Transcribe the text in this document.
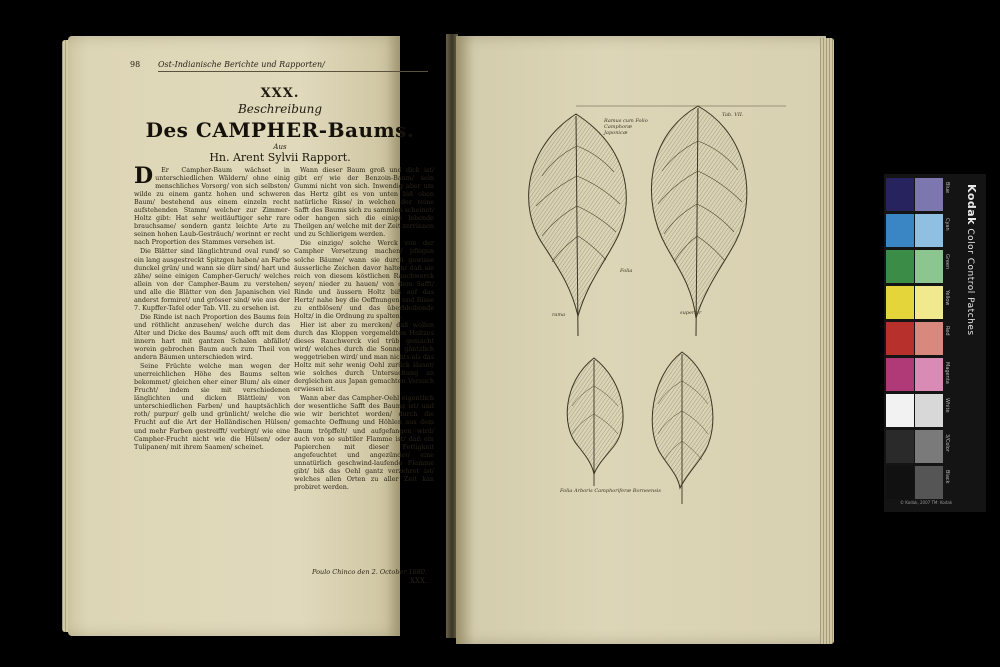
98 Ost-Indianische Berichte und Rapporten/
XXX.
Beschreibung
Des CAMPHER-Baums.
Aus
Hn. Arent Sylvii Rapport.
D	Er Campher-Baum wächset in unterschiedlichen Wäldern/ ohne einig menschliches Vorsorg/ von sich selbsten/ wilde zu einem gantz hohen und schweren Baum/ bestehend aus einem einzeln recht aufstehenden Stamm/ welcher zur Zimmer-Holtz gibt: Hat sehr weitläuftiger sehr rare brauchsame/ sondern gantz leichte Arte zu seinen hohen Laub-Gesträuch/ worinnt er recht nach Proportion des Stammes versehen ist.

Die Blätter sind länglichtrund oval rund/ so ein lang ausgestreckt Spitzgen haben/ an Farbe dunckel grün/ und wann sie dürr sind/ hart und zähe/ seine einigen Campher-Geruch/ welches allein von der Campher-Baum zu verstehen/ und alle die Blätter von den Japanischen viel anderst formiret/ und grösser sind/ wie aus der 7. Kupffer-Tafel oder Tab. VII. zu ersehen ist.

Die Rinde ist nach Proportion des Baums fein und röthlicht anzusehen/ welche durch das Alter und Dicke des Baums/ auch offt mit dem innern hart mit gantzen Schalen abfället/ worein gebrochen Baum auch zum Theil von andern Bäumen unterschieden wird.

Seine Früchte welche man wegen der unerreichlichen Höhe des Baums selten bekommet/ gleichen eher einer Blum/ als einer Frucht/ indem sie mit verschiedenen länglichten und dicken Blättlein/ von unterschiedlichen Farben/ und hauptsächlich roth/ purpur/ gelb und grünlicht/ welche die Frucht auf die Art der Holländischen Hülsen/ und mehr Farben gestreifft/ verbirgt/ wie eine Campher-Frucht nicht wie die Hülsen/ oder Tulipanen/ mit ihrem Saamen/ scheinet.

Wann dieser Baum groß und dick ist/ gibt er/ wie der Benzoin-Baum/ sein Gummi nicht von sich. Inwendig aber um das Hertz gibt es von unten biß oben natürliche Risse/ in welchen der reine Safft des Baums sich zu sammlen scheinet/ oder hangen sich die einige lebende Theilgen an/ welche mit der Zeit zerrinnen und zu Schlierigem werden.

Die einzige/ solche Werck von der Campher Versetzung machen/ pflegen solche Bäume/ wann sie durch gewisse äusserliche Zeichen davor halten/ daß sie reich von diesem köstlichen Rauchwerck seyen/ nieder zu hauen/ von dem Safft/ Rinde und äussern Holtz biß auf das Hertz/ nahe bey die Oeffnungen und Risse zu entblösen/ und das überbleibende Holtz/ in die Ordnung zu spalten.

Hier ist aber zu mercken/ daß wollen durch das Kloppen vorgemeldten Holtzes dieses Rauchwerck viel trüb gemacht wird/ welches durch die Sonne gäntzlich weggetrieben wird/ und man nichts als das Holtz mit sehr wenig Oehl zurück lässet/ wie solches durch Untersuchung an dergleichen aus Japan gemachten Versuch erwiesen ist.

Wann aber das Campher-Oehl eigentlich der wesentliche Safft des Baums ist/ und wie wir berichtet worden/ durch die gemachte Oeffnung und Höhlen aus dem Baum tröpffelt/ und aufgefangen wird/ auch von so subtiler Flamme ist/ daß ein Papierchen mit dieser Fettigkeit angefeuchtet und angezündet/ eine unnatürlich geschwind-laufende Flamme gibt/ biß das Oehl gantz verzehret ist/ welches allen Orten zu aller Zeit kan probiret werden.

Poulo Chinco den 2. October 1680.
XXX.
Tab. VII.
Ramus cum Folio Camphoræ Japonicæ
Folia
rama	superior
Folia Arboris Camphoriferæ Borneensis
Blue
Cyan
Green
Yellow
Red
Magenta
White
3/Color
Black
Kodak Color Control Patches
© Kodak, 2007 TM: Kodak
